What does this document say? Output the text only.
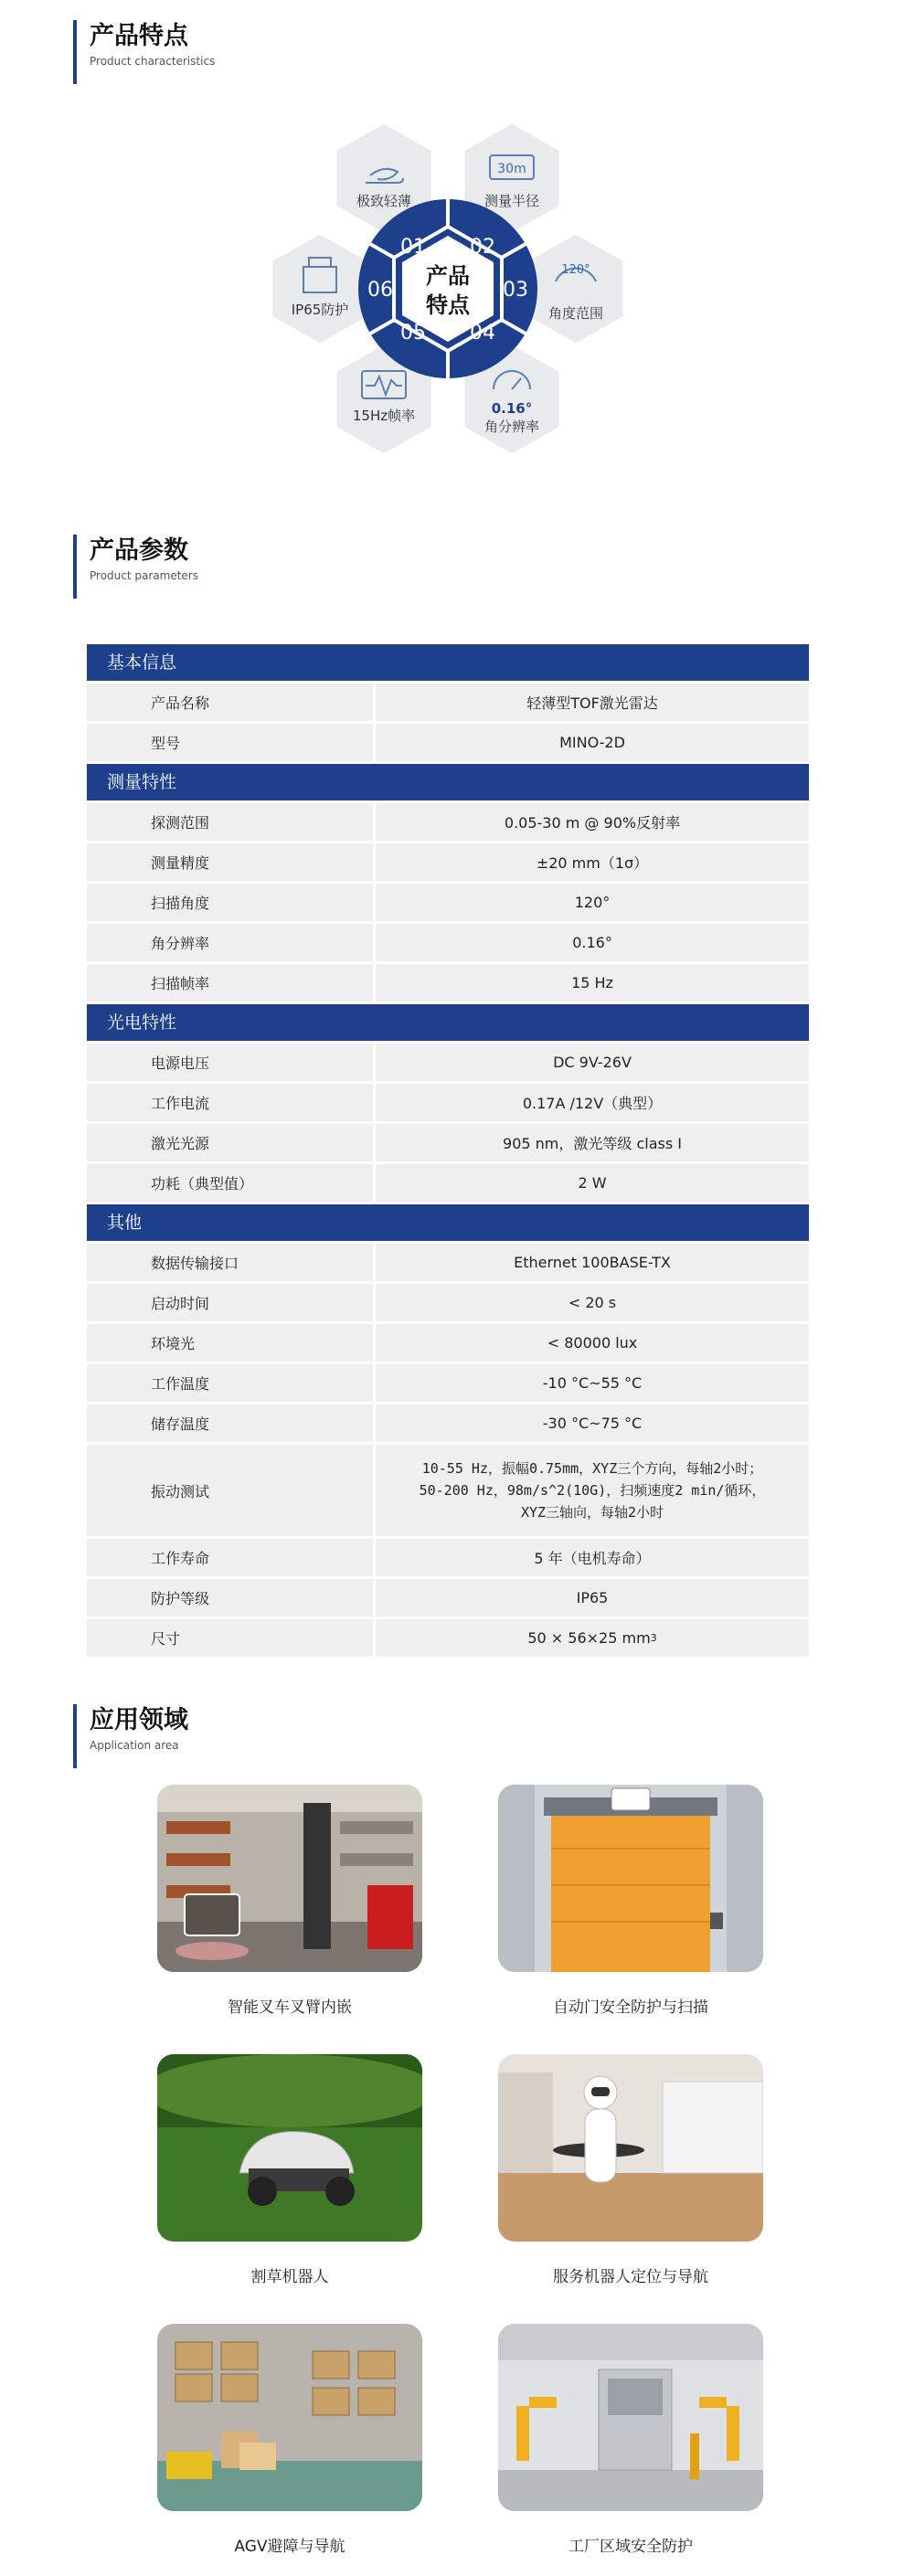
产品特点
Product characteristics
产品
特点
01 02
03
04
05
06
30m
120°
0.16°
极致轻薄	测量半径
角度范围
角分辨率
15Hz帧率
IP65防护
产品参数
Product parameters
基本信息
产品名称	轻薄型TOF激光雷达
型号	MINO-2D
测量特性
探测范围	0.05-30 m @ 90%反射率
测量精度	±20 mm（1σ）
扫描角度	120°
角分辨率	0.16°
扫描帧率	15 Hz
光电特性
电源电压	DC 9V-26V
工作电流	0.17A /12V（典型）
激光光源	905 nm，激光等级 class I
功耗（典型值）	2 W
其他
数据传输接口	Ethernet 100BASE-TX
启动时间	< 20 s
环境光	< 80000 lux
工作温度	-10 °C~55 °C
储存温度	-30 °C~75 °C
振动测试
10-55 Hz，振幅0.75mm，XYZ三个方向，每轴2小时；
50-200 Hz，98m/s^2(10G)，扫频速度2 min/循环，
XYZ三轴向，每轴2小时
工作寿命	5 年（电机寿命）
防护等级	IP65
尺寸	50 × 56×25 mm 3
应用领域
Application area
智能叉车叉臂内嵌	自动门安全防护与扫描
割草机器人	服务机器人定位与导航
AGV避障与导航	工厂区域安全防护
